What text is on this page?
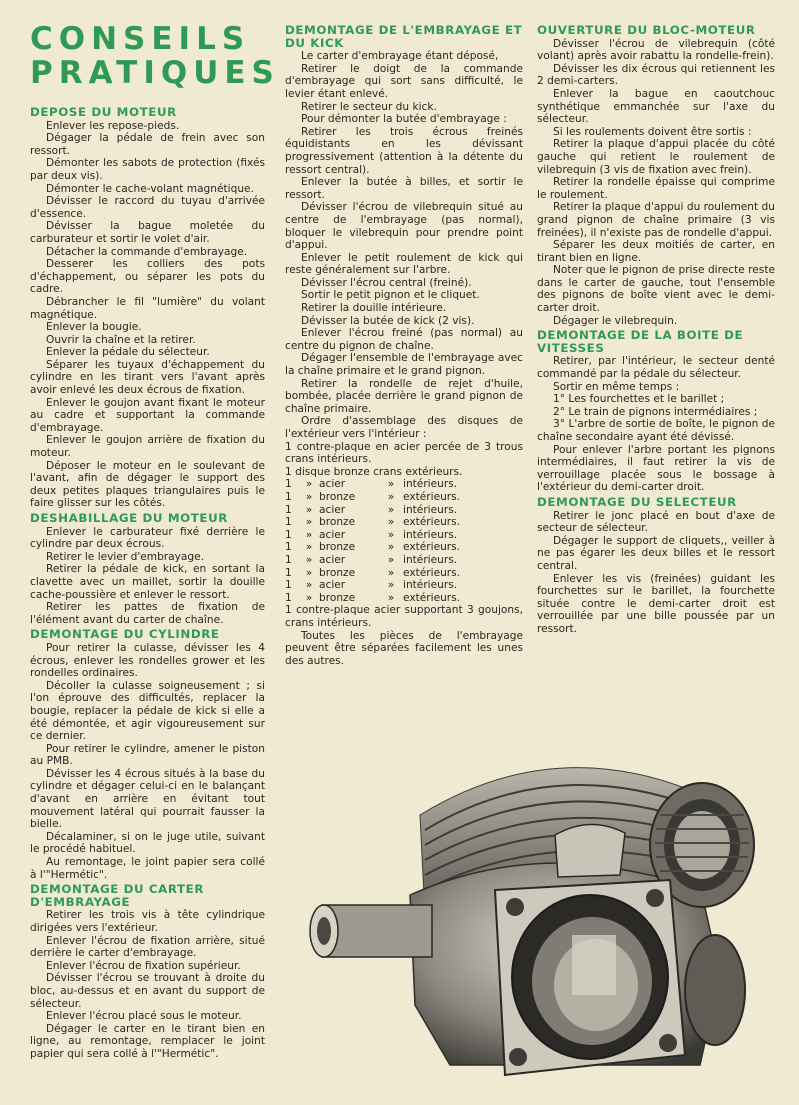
CONSEILS
PRATIQUES
DEPOSE DU MOTEUR

Enlever les repose-pieds.

Dégager la pédale de frein avec son ressort.

Démonter les sabots de protection (fixés par deux vis).

Démonter le cache-volant magnétique.

Dévisser le raccord du tuyau d'arrivée d'essence.

Dévisser la bague moletée du carburateur et sortir le volet d'air.

Détacher la commande d'embrayage.

Desserer les colliers des pots d'échappement, ou séparer les pots du cadre.

Débrancher le fil "lumière" du volant magnétique.

Enlever la bougie.

Ouvrir la chaîne et la retirer.

Enlever la pédale du sélecteur.

Séparer les tuyaux d'échappement du cylindre en les tirant vers l'avant après avoir enlevé les deux écrous de fixation.

Enlever le goujon avant fixant le moteur au cadre et supportant la commande d'embrayage.

Enlever le goujon arrière de fixation du moteur.

Déposer le moteur en le soulevant de l'avant, afin de dégager le support des deux petites plaques triangulaires puis le faire glisser sur les côtés.

DESHABILLAGE DU MOTEUR

Enlever le carburateur fixé derrière le cylindre par deux écrous.

Retirer le levier d'embrayage.

Retirer la pédale de kick, en sortant la clavette avec un maillet, sortir la douille cache-poussière et enlever le ressort.

Retirer les pattes de fixation de l'élément avant du carter de chaîne.

DEMONTAGE DU CYLINDRE

Pour retirer la culasse, dévisser les 4 écrous, enlever les rondelles grower et les rondelles ordinaires.

Décoller la culasse soigneusement ; si l'on éprouve des difficultés, replacer la bougie, replacer la pédale de kick si elle a été démontée, et agir vigoureusement sur ce dernier.

Pour retirer le cylindre, amener le piston au PMB.

Dévisser les 4 écrous situés à la base du cylindre et dégager celui-ci en le balançant d'avant en arrière en évitant tout mouvement latéral qui pourrait fausser la bielle.

Décalaminer, si on le juge utile, suivant le procédé habituel.

Au remontage, le joint papier sera collé à l'"Hermétic".

DEMONTAGE DU CARTER D'EMBRAYAGE

Retirer les trois vis à tête cylindrique dirigées vers l'extérieur.

Enlever l'écrou de fixation arrière, situé derrière le carter d'embrayage.

Enlever l'écrou de fixation supérieur.

Dévisser l'écrou se trouvant à droite du bloc, au-dessus et en avant du support de sélecteur.

Enlever l'écrou placé sous le moteur.

Dégager le carter en le tirant bien en ligne, au remontage, remplacer le joint papier qui sera collé à l'"Hermétic".

DEMONTAGE DE L'EMBRAYAGE ET DU KICK

Le carter d'embrayage étant déposé,

Retirer le doigt de la commande d'embrayage qui sort sans difficulté, le levier étant enlevé.

Retirer le secteur du kick.

Pour démonter la butée d'embrayage :

Retirer les trois écrous freinés équidistants en les dévissant progressivement (attention à la détente du ressort central).

Enlever la butée à billes, et sortir le ressort.

Dévisser l'écrou de vilebrequin situé au centre de l'embrayage (pas normal), bloquer le vilebrequin pour prendre point d'appui.

Enlever le petit roulement de kick qui reste généralement sur l'arbre.

Dévisser l'écrou central (freiné).

Sortir le petit pignon et le cliquet.

Retirer la douille intérieure.

Dévisser la butée de kick (2 vis).

Enlever l'écrou freiné (pas normal) au centre du pignon de chaîne.

Dégager l'ensemble de l'embrayage avec la chaîne primaire et le grand pignon.

Retirer la rondelle de rejet d'huile, bombée, placée derrière le grand pignon de chaîne primaire.

Ordre d'assemblage des disques de l'extérieur vers l'intérieur :

1 contre-plaque en acier percée de 3 trous crans intérieurs.

1 disque bronze crans extérieurs.

1	»	acier	»	intérieurs.
1	»	bronze	»	extérieurs.
1	»	acier	»	intérieurs.
1	»	bronze	»	extérieurs.
1	»	acier	»	intérieurs.
1	»	bronze	»	extérieurs.
1	»	acier	»	intérieurs.
1	»	bronze	»	extérieurs.
1	»	acier	»	intérieurs.
1	»	bronze	»	extérieurs.

1 contre-plaque acier supportant 3 goujons, crans intérieurs.

Toutes les pièces de l'embrayage peuvent être séparées facilement les unes des autres.

OUVERTURE DU BLOC-MOTEUR

Dévisser l'écrou de vilebrequin (côté volant) après avoir rabattu la rondelle-frein).

Dévisser les dix écrous qui retiennent les 2 demi-carters.

Enlever la bague en caoutchouc synthétique emmanchée sur l'axe du sélecteur.

Si les roulements doivent être sortis :

Retirer la plaque d'appui placée du côté gauche qui retient le roulement de vilebrequin (3 vis de fixation avec frein).

Retirer la rondelle épaisse qui comprime le roulement.

Retirer la plaque d'appui du roulement du grand pignon de chaîne primaire (3 vis freinées), il n'existe pas de rondelle d'appui.

Séparer les deux moitiés de carter, en tirant bien en ligne.

Noter que le pignon de prise directe reste dans le carter de gauche, tout l'ensemble des pignons de boîte vient avec le demi-carter droit.

Dégager le vilebrequin.

DEMONTAGE DE LA BOITE DE VITESSES

Retirer, par l'intérieur, le secteur denté commandé par la pédale du sélecteur.

Sortir en même temps :

1° Les fourchettes et le barillet ;

2° Le train de pignons intermédiaires ;

3° L'arbre de sortie de boîte, le pignon de chaîne secondaire ayant été dévissé.

Pour enlever l'arbre portant les pignons intermédiaires, il faut retirer la vis de verrouillage placée sous le bossage à l'extérieur du demi-carter droit.

DEMONTAGE DU SELECTEUR

Retirer le jonc placé en bout d'axe de secteur de sélecteur.

Dégager le support de cliquets,, veiller à ne pas égarer les deux billes et le ressort central.

Enlever les vis (freinées) guidant les fourchettes sur le barillet, la fourchette située contre le demi-carter droit est verrouillée par une bille poussée par un ressort.
